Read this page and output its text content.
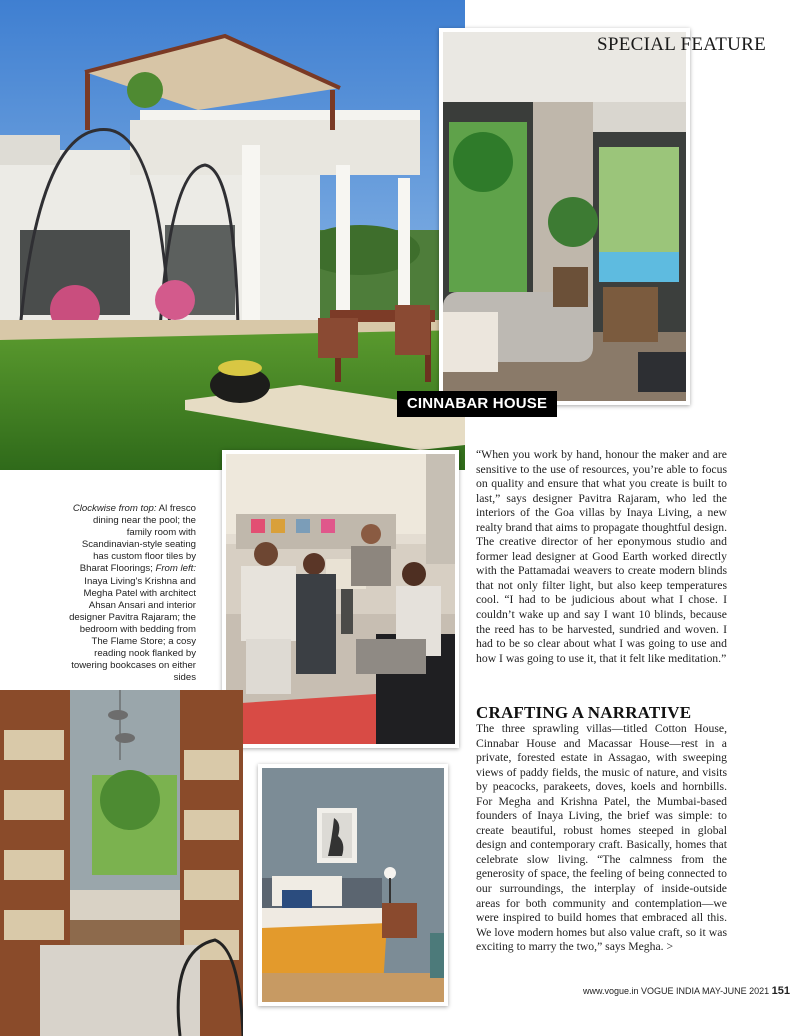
SPECIAL FEATURE
CINNABAR HOUSE
Clockwise from top: Al fresco dining near the pool; the family room with Scandinavian-style seating has custom floor tiles by Bharat Floorings; From left: Inaya Living's Krishna and Megha Patel with architect Ahsan Ansari and interior designer Pavitra Rajaram; the bedroom with bedding from The Flame Store; a cosy reading nook flanked by towering bookcases on either sides
“When you work by hand, honour the maker and are sensitive to the use of resources, you’re able to focus on quality and ensure that what you create is built to last,” says designer Pavitra Rajaram, who led the interiors of the Goa villas by Inaya Living, a new realty brand that aims to propagate thoughtful design. The creative director of her eponymous studio and former lead designer at Good Earth worked directly with the Pattamadai weavers to create modern blinds that not only filter light, but also keep temperatures cool. “I had to be judicious about what I chose. I couldn’t wake up and say I want 10 blinds, because the reed has to be harvested, sundried and woven. I had to be so clear about what I was going to use and how I was going to use it, that it felt like meditation.”
CRAFTING A NARRATIVE
The three sprawling villas—titled Cotton House, Cinnabar House and Macassar House—rest in a private, forested estate in Assagao, with sweeping views of paddy fields, the music of nature, and visits by peacocks, parakeets, doves, koels and hornbills. For Megha and Krishna Patel, the Mumbai-based founders of Inaya Living, the brief was simple: to create beautiful, robust homes steeped in global design and contemporary craft. Basically, homes that celebrate slow living. “The calmness from the generosity of space, the feeling of being connected to our surroundings, the interplay of inside-outside areas for both community and contemplation—we were inspired to build homes that embraced all this. We love modern homes but also value craft, so it was exciting to marry the two,” says Megha. >
www.vogue.in VOGUE INDIA MAY-JUNE 2021 151
